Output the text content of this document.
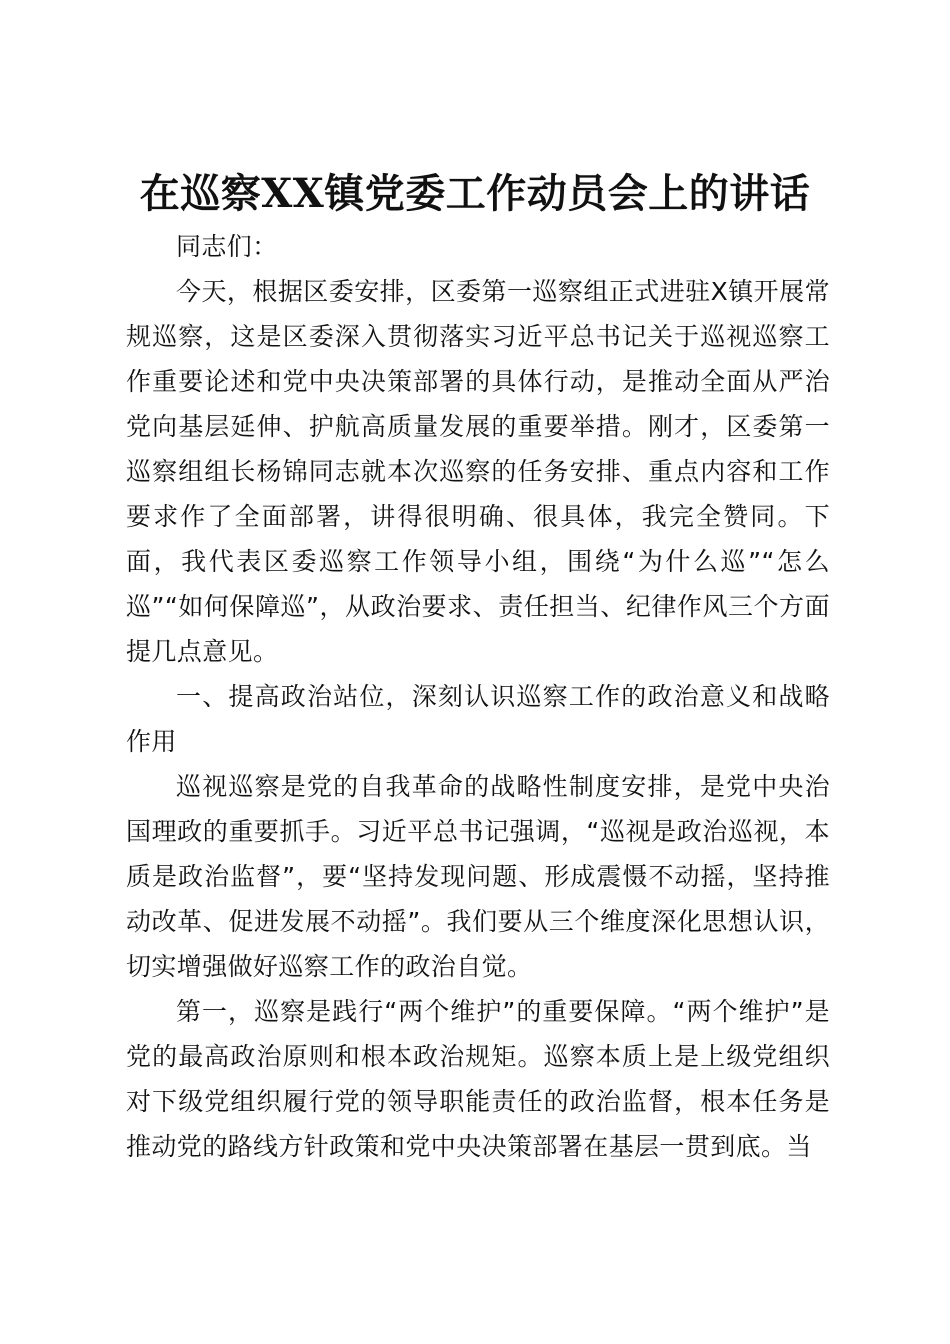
在巡察XX镇党委工作动员会上的讲话

同志们：

今天，根据区委安排，区委第一巡察组正式进驻X镇开展常规巡察，这是区委深入贯彻落实习近平总书记关于巡视巡察工作重要论述和党中央决策部署的具体行动，是推动全面从严治党向基层延伸、护航高质量发展的重要举措。刚才，区委第一巡察组组长杨锦同志就本次巡察的任务安排、重点内容和工作要求作了全面部署，讲得很明确、很具体，我完全赞同。下面，我代表区委巡察工作领导小组，围绕“为什么巡”“怎么巡”“如何保障巡”，从政治要求、责任担当、纪律作风三个方面提几点意见。

一、提高政治站位，深刻认识巡察工作的政治意义和战略作用

巡视巡察是党的自我革命的战略性制度安排，是党中央治国理政的重要抓手。习近平总书记强调，“巡视是政治巡视，本质是政治监督”，要“坚持发现问题、形成震慑不动摇，坚持推动改革、促进发展不动摇”。我们要从三个维度深化思想认识，切实增强做好巡察工作的政治自觉。

第一，巡察是践行“两个维护”的重要保障。“两个维护”是党的最高政治原则和根本政治规矩。巡察本质上是上级党组织对下级党组织履行党的领导职能责任的政治监督，根本任务是推动党的路线方针政策和党中央决策部署在基层一贯到底。当
